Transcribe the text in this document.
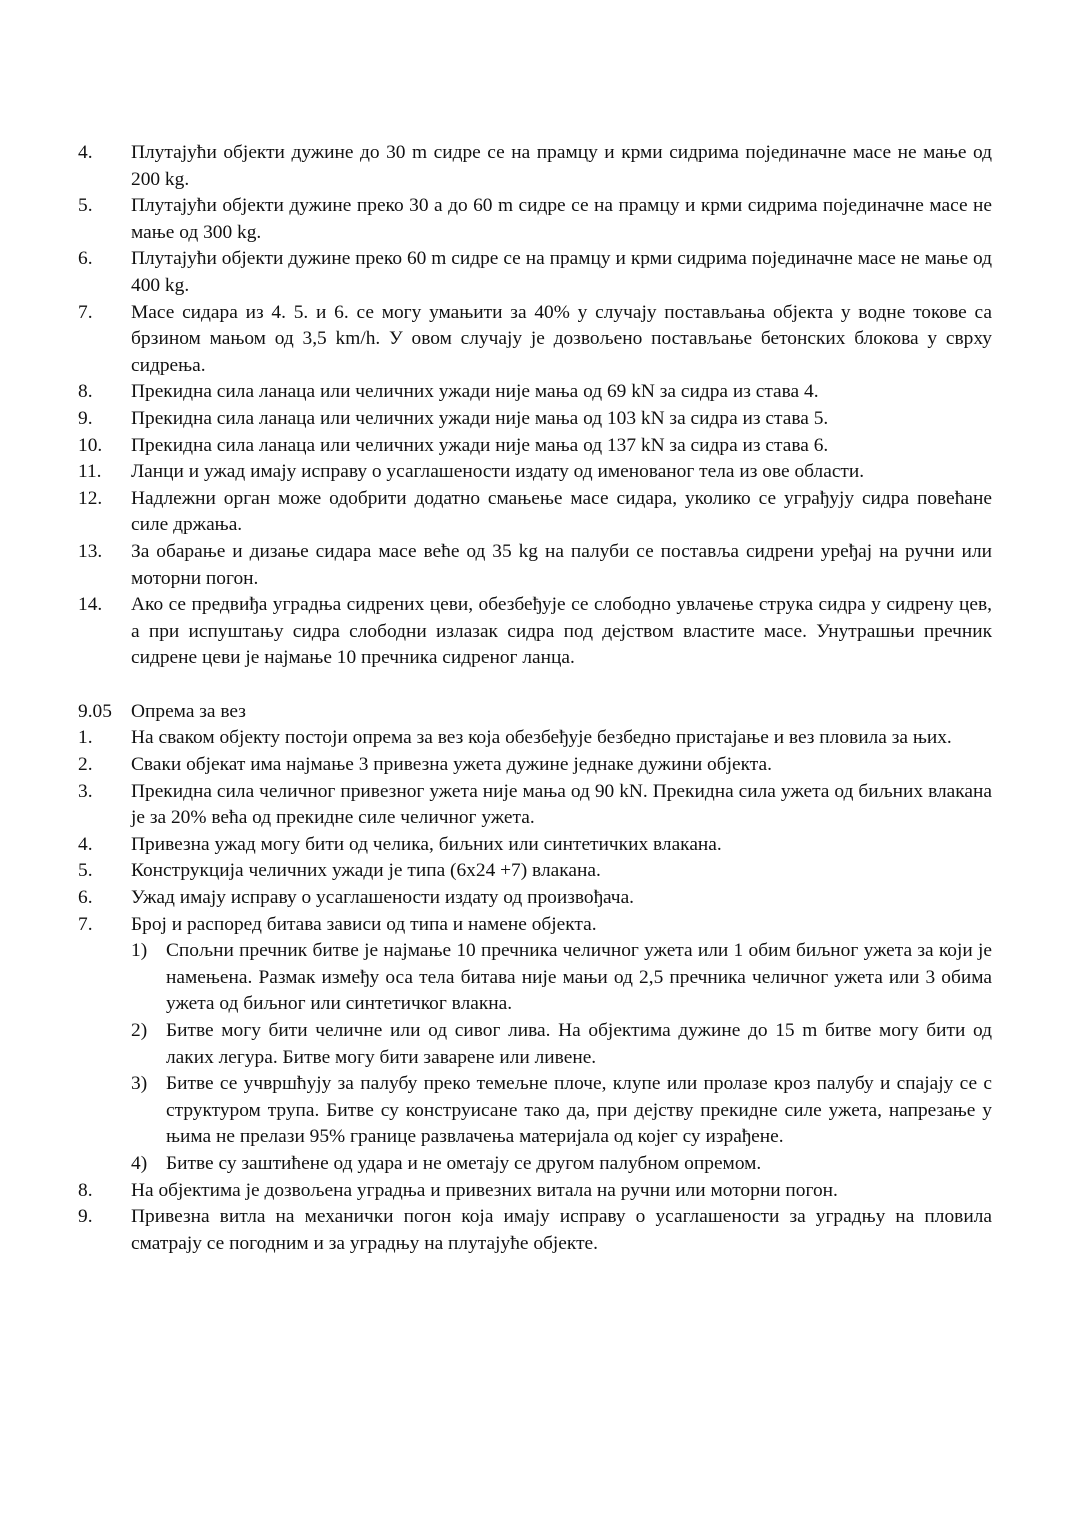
4.	Плутајући објекти дужине до 30 m сидре се на прамцу и крми сидрима појединачне масе не мање од 200 kg.
5.	Плутајући објекти дужине преко 30 а до 60 m сидре се на прамцу и крми сидрима појединачне масе не мање од 300 kg.
6.	Плутајући објекти дужине преко 60 m сидре се на прамцу и крми сидрима појединачне масе не мање од 400 kg.
7.	Масе сидара из 4. 5. и 6. се могу умањити за 40% у случају постављања објекта у водне токове са брзином мањом од 3,5 km/h. У овом случају је дозвољено постављање бетонских блокова у сврху сидрења.
8.	Прекидна сила ланаца или челичних ужади није мања од 69 kN за сидра из става 4.
9.	Прекидна сила ланаца или челичних ужади није мања од 103 kN за сидра из става 5.
10.	Прекидна сила ланаца или челичних ужади није мања од 137 kN за сидра из става 6.
11.	Ланци и ужад имају исправу о усаглашености издату од именованог тела из ове области.
12.	Надлежни орган може одобрити додатно смањење масе сидара, уколико се уграђују сидра повећане силе држања.
13.	За обарање и дизање сидара масе веће од 35 kg на палуби се поставља сидрени уређај на ручни или моторни погон.
14.	Ако се предвиђа уградња сидрених цеви, обезбеђује се слободно увлачење струка сидра у сидрену цев, а при испуштању сидра слободни излазак сидра под дејством властите масе. Унутрашњи пречник сидрене цеви је најмање 10 пречника сидреног ланца.
9.05 Опрема за вез
1.	На сваком објекту постоји опрема за вез која обезбеђује безбедно пристајање и вез пловила за њих.
2.	Сваки објекат има најмање 3 привезна ужета дужине једнаке дужини објекта.
3.	Прекидна сила челичног привезног ужета није мања од 90 kN. Прекидна сила ужета од биљних влакана је за 20% већа од прекидне силе челичног ужета.
4.	Привезна ужад могу бити од челика, биљних или синтетичких влакана.
5.	Конструкција челичних ужади је типа (6x24 +7) влакана.
6.	Ужад имају исправу о усаглашености издату од произвођача.
7.	Број и распоред битава зависи од типа и намене објекта.
1) Спољни пречник битве је најмање 10 пречника челичног ужета или 1 обим биљног ужета за који је намењена. Размак између оса тела битава није мањи од 2,5 пречника челичног ужета или 3 обима ужета од биљног или синтетичког влакна.
2) Битве могу бити челичне или од сивог лива. На објектима дужине до 15 m битве могу бити од лаких легура. Битве могу бити заварене или ливене.
3) Битве се учвршћују за палубу преко темељне плоче, клупе или пролазе кроз палубу и спајају се с структуром трупа. Битве су конструисане тако да, при дејству прекидне силе ужета, напрезање у њима не прелази 95% границе развлачења материјала од којег су израђене.
4) Битве су заштићене од удара и не ометају се другом палубном опремом.
8.	На објектима је дозвољена уградња и привезних витала на ручни или моторни погон.
9.	Привезна витла на механички погон која имају исправу о усаглашености за уградњу на пловила сматрају се погодним и за уградњу на плутајуће објекте.
